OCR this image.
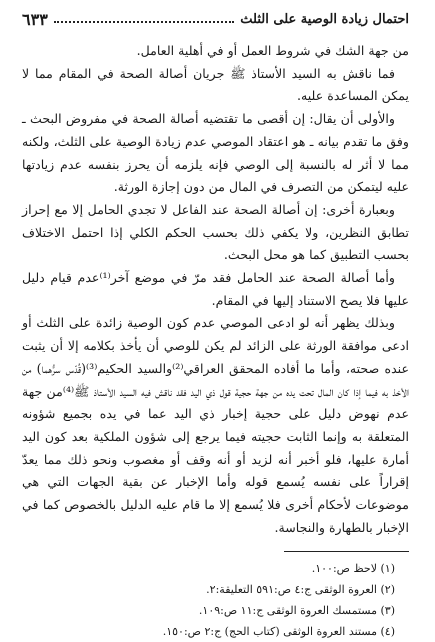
احتمال زيادة الوصية على الثلث
٦٣٣

من جهة الشك في شروط العمل أو في أهلية العامل.

فما ناقش به السيد الأستاذ ﷺ جريان أصالة الصحة في المقام مما لا يمكن المساعدة عليه.

والأولى أن يقال: إن أقصى ما تقتضيه أصالة الصحة في مفروض البحث ـ وفق ما تقدم بيانه ـ هو اعتقاد الموصي عدم زيادة الوصية على الثلث، ولكنه مما لا أثر له بالنسبة إلى الوصي فإنه يلزمه أن يحرز بنفسه عدم زيادتها عليه ليتمكن من التصرف في المال من دون إجازة الورثة.

وبعبارة أخرى: إن أصالة الصحة عند الفاعل لا تجدي الحامل إلا مع إحراز تطابق النظرين، ولا يكفي ذلك بحسب الحكم الكلي إذا احتمل الاختلاف بحسب التطبيق كما هو محل البحث.

وأما أصالة الصحة عند الحامل فقد مرّ في موضع آخر⁽¹⁾عدم قيام دليل عليها فلا يصح الاستناد إليها في المقام.

وبذلك يظهر أنه لو ادعى الموصي عدم كون الوصية زائدة على الثلث أو ادعى موافقة الورثة على الزائد لم يكن للوصي أن يأخذ بكلامه إلا أن يثبت عنده صحته، وأما ما أفاده المحقق العراقي⁽²⁾والسيد الحكيم⁽³⁾(قُدّس سرُّهما) من الأخذ به فيما إذا كان المال تحت يده من جهة حجية قول ذي اليد فقد ناقش فيه السيد الأستاذ ﷺ⁽⁴⁾من جهة عدم نهوض دليل على حجية إخبار ذي اليد عما في يده بجميع شؤونه المتعلقة به وإنما الثابت حجيته فيما يرجع إلى شؤون الملكية بعد كون اليد أمارة عليها، فلو أخبر أنه لزيد أو أنه وقف أو مغصوب ونحو ذلك مما يعدّ إقراراً على نفسه يُسمع قوله وأما الإخبار عن بقية الجهات التي هي موضوعات لأحكام أخرى فلا يُسمع إلا ما قام عليه الدليل بالخصوص كما في الإخبار بالطهارة والنجاسة.

(١) لاحظ ص:١٠٠.
(٢) العروة الوثقى ج:٤ ص:٥٩١ التعليقة:٢.
(٣) مستمسك العروة الوثقى ج:١١ ص:١٠٩.
(٤) مستند العروة الوثقى (كتاب الحج) ج:٢ ص:١٥٠.
